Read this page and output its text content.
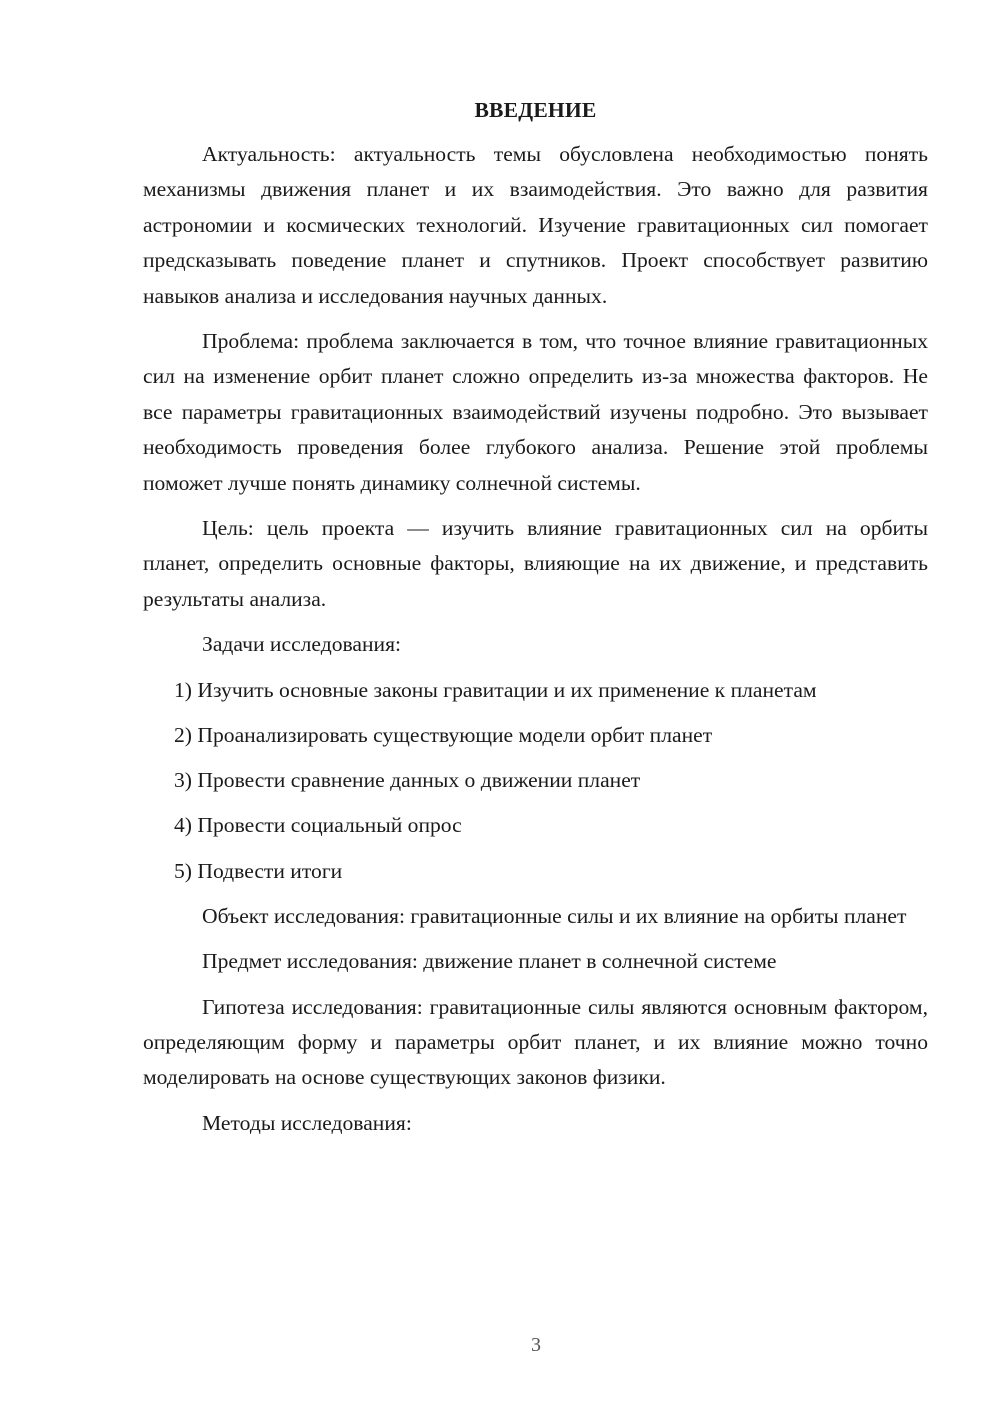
ВВЕДЕНИЕ

Актуальность: актуальность темы обусловлена необходимостью понять механизмы движения планет и их взаимодействия. Это важно для развития астрономии и космических технологий. Изучение гравитационных сил помогает предсказывать поведение планет и спутников. Проект способствует развитию навыков анализа и исследования научных данных.

Проблема: проблема заключается в том, что точное влияние гравитационных сил на изменение орбит планет сложно определить из-за множества факторов. Не все параметры гравитационных взаимодействий изучены подробно. Это вызывает необходимость проведения более глубокого анализа. Решение этой проблемы поможет лучше понять динамику солнечной системы.

Цель: цель проекта — изучить влияние гравитационных сил на орбиты планет, определить основные факторы, влияющие на их движение, и представить результаты анализа.

Задачи исследования:

1) Изучить основные законы гравитации и их применение к планетам
2) Проанализировать существующие модели орбит планет
3) Провести сравнение данных о движении планет
4) Провести социальный опрос
5) Подвести итоги

Объект исследования: гравитационные силы и их влияние на орбиты планет

Предмет исследования: движение планет в солнечной системе

Гипотеза исследования: гравитационные силы являются основным фактором, определяющим форму и параметры орбит планет, и их влияние можно точно моделировать на основе существующих законов физики.

Методы исследования:

3
